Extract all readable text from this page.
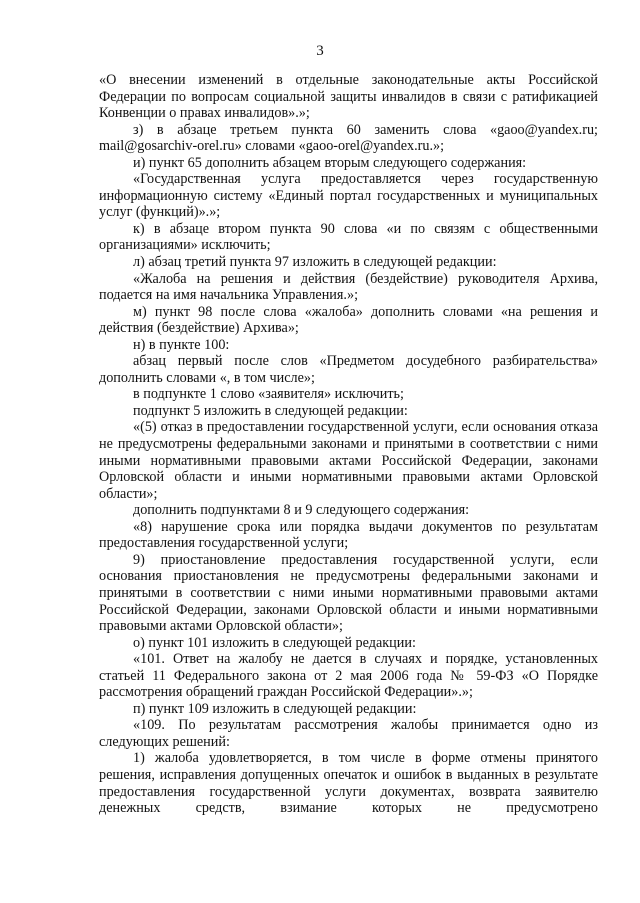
3

«О внесении изменений в отдельные законодательные акты Российской Федерации по вопросам социальной защиты инвалидов в связи с ратификацией Конвенции о правах инвалидов».»;

з) в абзаце третьем пункта 60 заменить слова «gaoo@yandex.ru; mail@gosarchiv-orel.ru» словами «gaoo-orel@yandex.ru.»;

и) пункт 65 дополнить абзацем вторым следующего содержания:

«Государственная услуга предоставляется через государственную информационную систему «Единый портал государственных и муниципальных услуг (функций)».»;

к) в абзаце втором пункта 90 слова «и по связям с общественными организациями» исключить;

л) абзац третий пункта 97 изложить в следующей редакции:

«Жалоба на решения и действия (бездействие) руководителя Архива, подается на имя начальника Управления.»;

м) пункт 98 после слова «жалоба» дополнить словами «на решения и действия (бездействие) Архива»;

н) в пункте 100:

абзац первый после слов «Предметом досудебного разбирательства» дополнить словами «, в том числе»;

в подпункте 1 слово «заявителя» исключить;

подпункт 5 изложить в следующей редакции:

«(5) отказ в предоставлении государственной услуги, если основания отказа не предусмотрены федеральными законами и принятыми в соответствии с ними иными нормативными правовыми актами Российской Федерации, законами Орловской области и иными нормативными правовыми актами Орловской области»;

дополнить подпунктами 8 и 9 следующего содержания:

«8) нарушение срока или порядка выдачи документов по результатам предоставления государственной услуги;

9) приостановление предоставления государственной услуги, если основания приостановления не предусмотрены федеральными законами и принятыми в соответствии с ними иными нормативными правовыми актами Российской Федерации, законами Орловской области и иными нормативными правовыми актами Орловской области»;

о) пункт 101 изложить в следующей редакции:

«101. Ответ на жалобу не дается в случаях и порядке, установленных статьей 11 Федерального закона от 2 мая 2006 года № 59-ФЗ «О Порядке рассмотрения обращений граждан Российской Федерации».»;

п) пункт 109 изложить в следующей редакции:

«109. По результатам рассмотрения жалобы принимается одно из следующих решений:

1) жалоба удовлетворяется, в том числе в форме отмены принятого решения, исправления допущенных опечаток и ошибок в выданных в результате предоставления государственной услуги документах, возврата заявителю денежных средств, взимание которых не предусмотрено
